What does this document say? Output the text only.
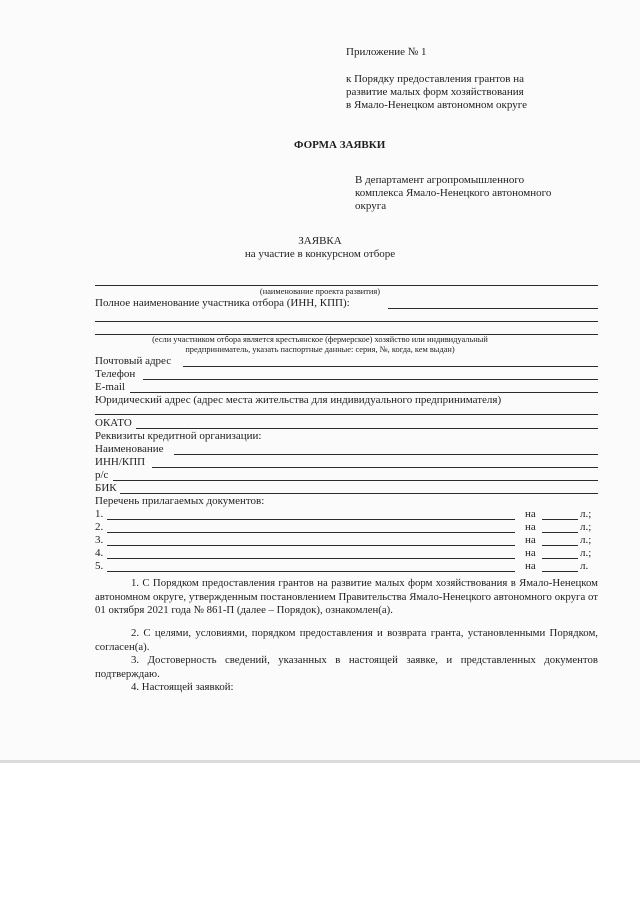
Приложение № 1
к Порядку предоставления грантов на
развитие малых форм хозяйствования
в Ямало-Ненецком автономном округе
ФОРМА ЗАЯВКИ
В департамент агропромышленного
комплекса Ямало-Ненецкого автономного
округа
ЗАЯВКА
на участие в конкурсном отборе
(наименование проекта развития)
Полное наименование участника отбора (ИНН, КПП):
(если участником отбора является крестьянское (фермерское) хозяйство или индивидуальный
предприниматель, указать паспортные данные: серия, №, когда, кем выдан)
Почтовый адрес
Телефон
E-mail
Юридический адрес (адрес места жительства для индивидуального предпринимателя)
ОКАТО
Реквизиты кредитной организации:
Наименование
ИНН/КПП
р/с
БИК
Перечень прилагаемых документов:
1.	на	л.;
2.	на	л.;
3.	на	л.;
4.	на	л.;
5.	на	л.
1. С Порядком предоставления грантов на развитие малых форм хозяйствования в Ямало-Ненецком автономном округе, утвержденным постановлением Правительства Ямало-Ненецкого автономного округа от 01 октября 2021 года № 861-П (далее – Порядок), ознакомлен(а).
2. С целями, условиями, порядком предоставления и возврата гранта, установленными Порядком, согласен(а).
3. Достоверность сведений, указанных в настоящей заявке, и представленных документов подтверждаю.
4. Настоящей заявкой:
